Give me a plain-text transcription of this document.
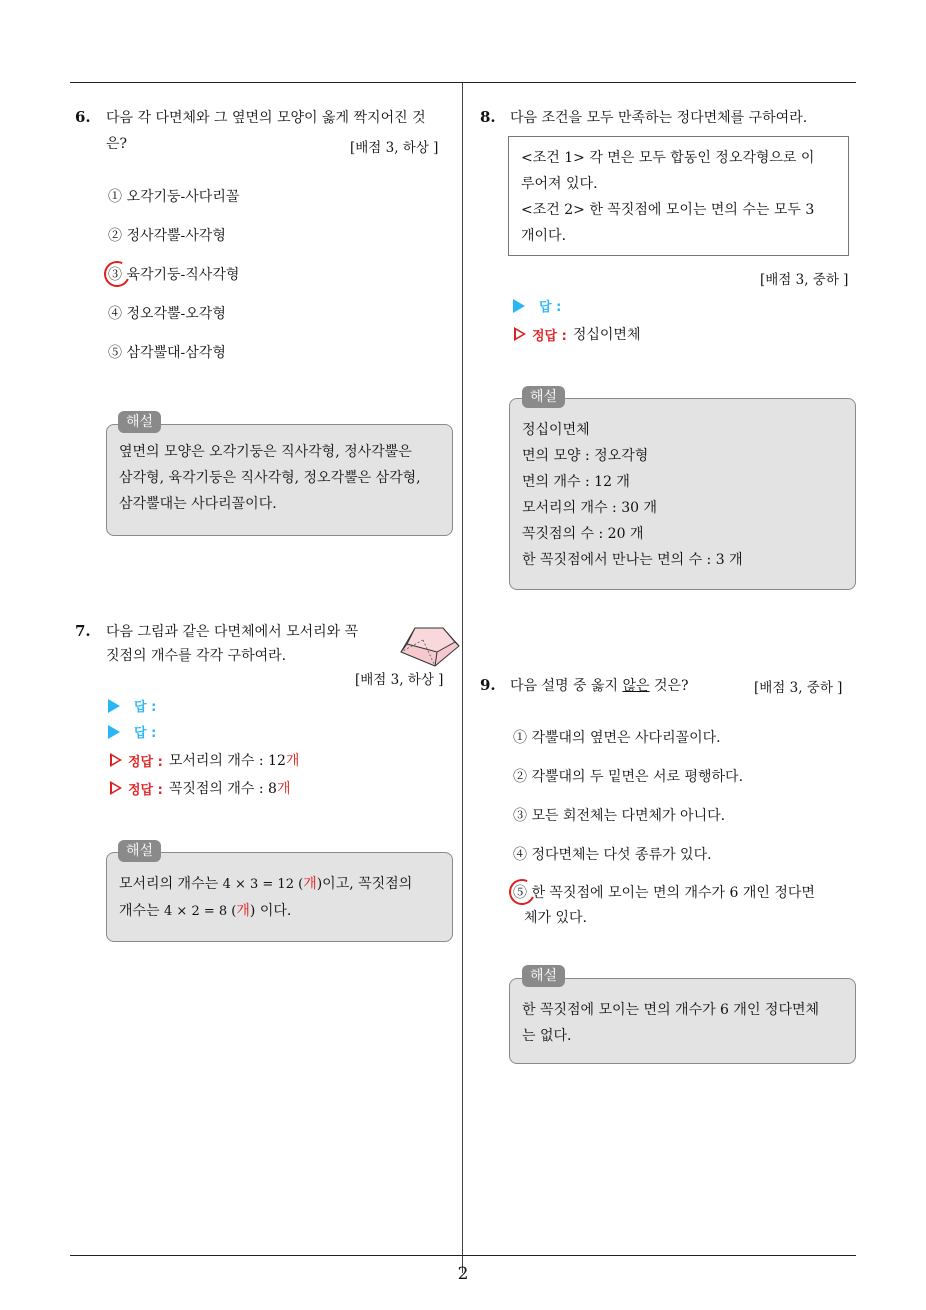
2
6. 다음 각 다면체와 그 옆면의 모양이 옳게 짝지어진 것
은?	[배점 3, 하상 ]
① 오각기둥-사다리꼴
② 정사각뿔-사각형
③ 육각기둥-직사각형
④ 정오각뿔-오각형
⑤ 삼각뿔대-삼각형
옆면의 모양은 오각기둥은 직사각형, 정사각뿔은
삼각형, 육각기둥은 직사각형, 정오각뿔은 삼각형,
삼각뿔대는 사다리꼴이다.
해설
7. 다음 그림과 같은 다면체에서 모서리와 꼭
짓점의 개수를 각각 구하여라.
[배점 3, 하상 ]
답 :
답 :
정답 : 모서리의 개수 : 12 개
정답 : 꼭짓점의 개수 : 8 개
모서리의 개수는 4 × 3 = 12 (개)이고, 꼭짓점의
개수는 4 × 2 = 8 (개) 이다.
해설
8. 다음 조건을 모두 만족하는 정다면체를 구하여라.
<조건 1> 각 면은 모두 합동인 정오각형으로 이
루어져 있다.
<조건 2> 한 꼭짓점에 모이는 면의 수는 모두 3
개이다.
[배점 3, 중하 ]
답 :
정답 : 정십이면체
정십이면체
면의 모양 : 정오각형
면의 개수 : 12 개
모서리의 개수 : 30 개
꼭짓점의 수 : 20 개
한 꼭짓점에서 만나는 면의 수 : 3 개
해설
9. 다음 설명 중 옳지 않은 것은?	[배점 3, 중하 ]
① 각뿔대의 옆면은 사다리꼴이다.
② 각뿔대의 두 밑면은 서로 평행하다.
③ 모든 회전체는 다면체가 아니다.
④ 정다면체는 다섯 종류가 있다.
⑤ 한 꼭짓점에 모이는 면의 개수가 6 개인 정다면
체가 있다.
한 꼭짓점에 모이는 면의 개수가 6 개인 정다면체
는 없다.
해설
